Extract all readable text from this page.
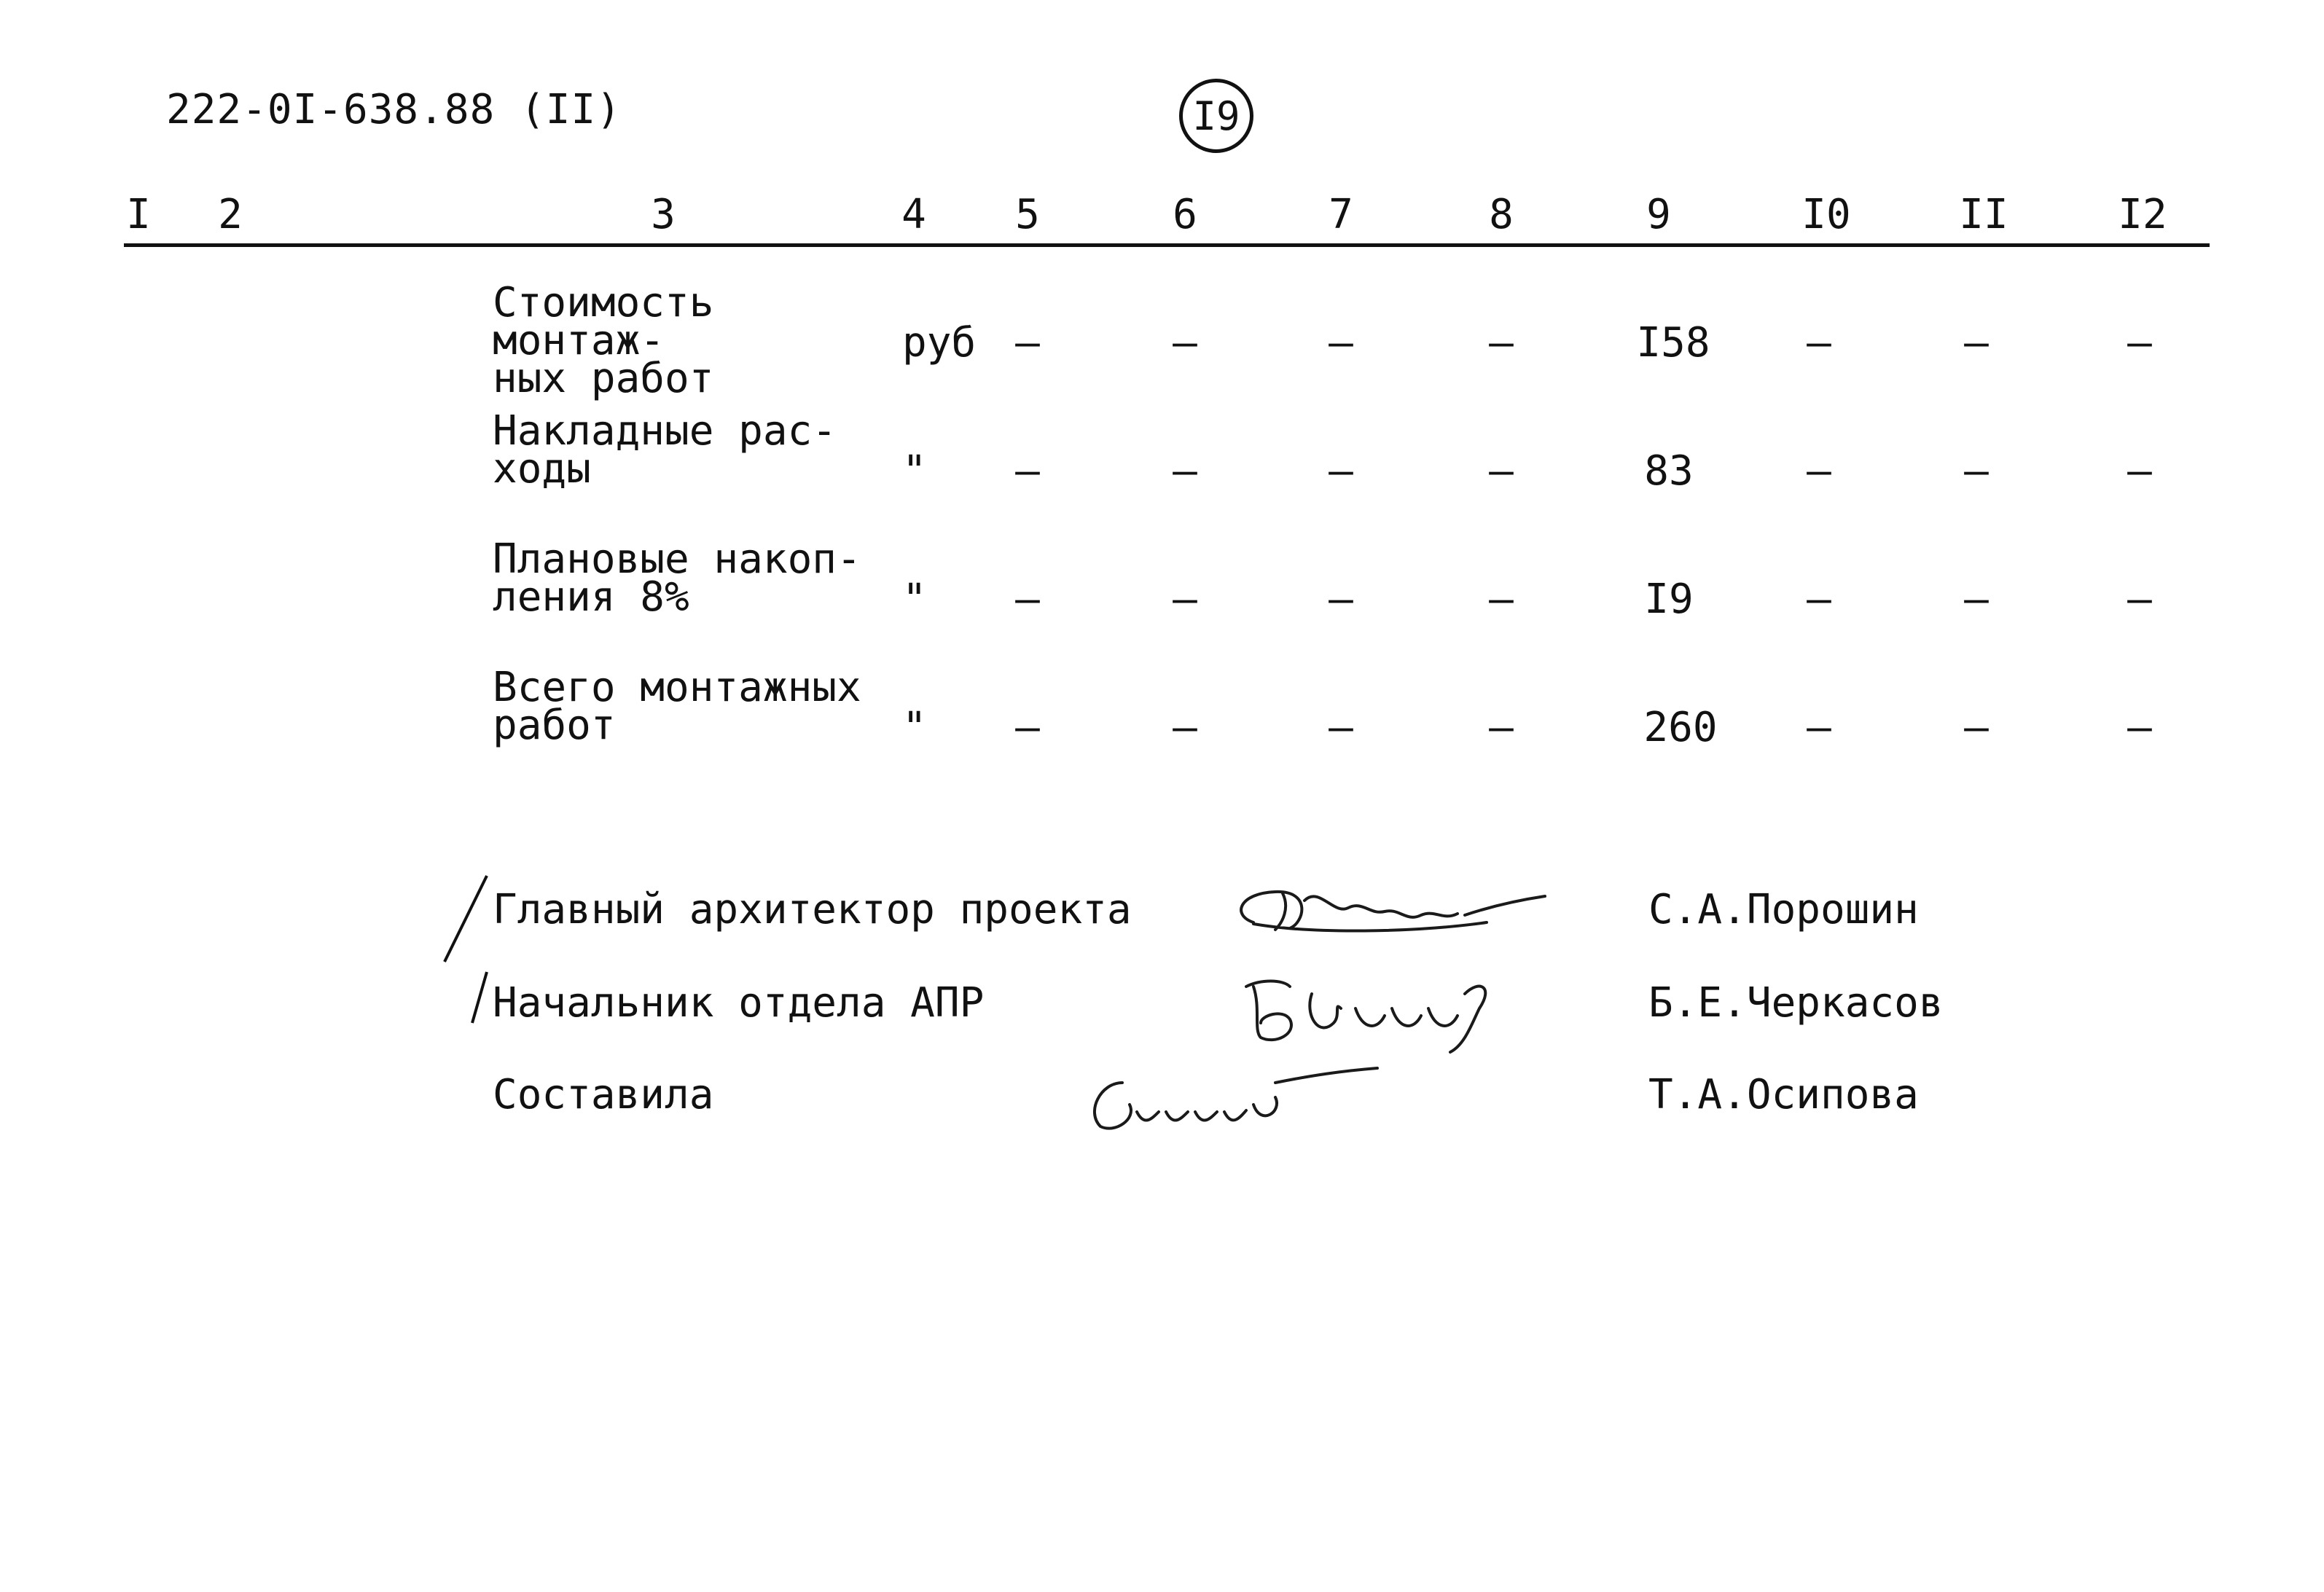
222-0I-638.88 (II)	I9
I 2	3	4 5	6	7	8	9	I0	II	I2
Стоимость монтаж-
ных работ
руб –	–	–	–	I58 –	–	–
Накладные рас-
ходы	" –	–	–	–	83	–	–	–
Плановые накоп-
ления 8%	" –	–	–	–	I9	–	–	–
Всего монтажных
работ	" –	–	–	–	260 –	–	–
Главный архитектор проекта	С.А.Порошин
Начальник отдела АПР	Б.Е.Черкасов
Составила	Т.А.Осипова
